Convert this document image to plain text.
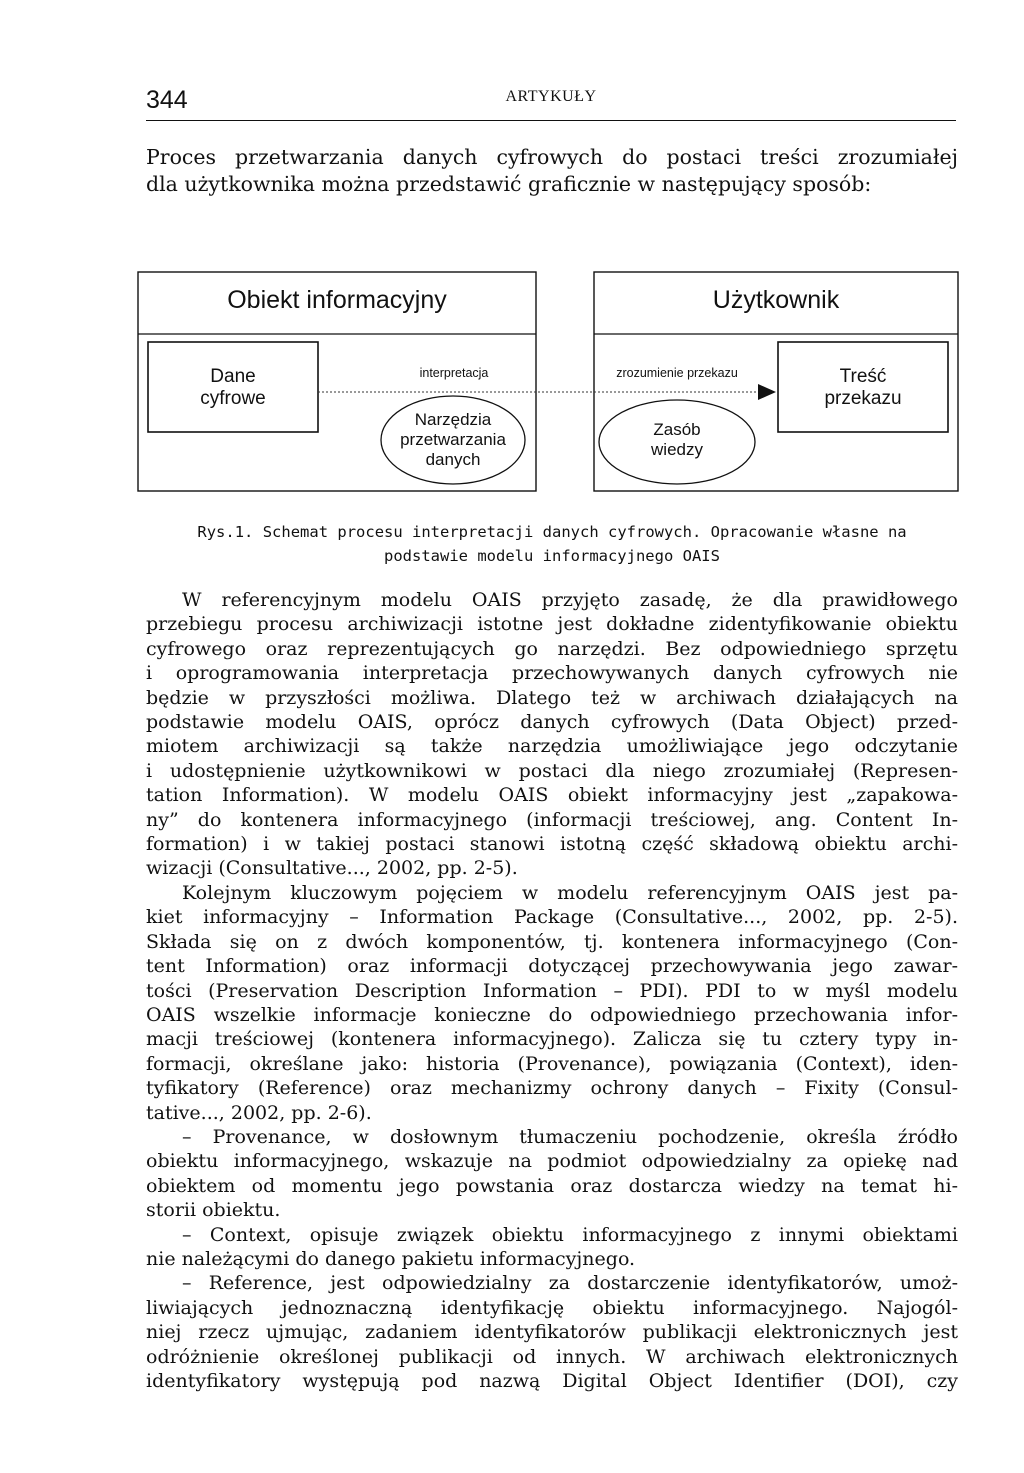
344	ARTYKUŁY
Proces przetwarzania danych cyfrowych do postaci treści zrozumiałej
dla użytkownika można przedstawić graficznie w następujący sposób:
Obiekt informacyjny	Użytkownik
Dane
cyfrowe
interpretacja
Narzędzia
przetwarzania
danych
zrozumienie przekazu
Zasób
wiedzy
Treść
przekazu
Rys.1. Schemat procesu interpretacji danych cyfrowych. Opracowanie własne na
podstawie modelu informacyjnego OAIS
W referencyjnym modelu OAIS przyjęto zasadę, że dla prawidłowego
przebiegu procesu archiwizacji istotne jest dokładne zidentyfikowanie obiektu
cyfrowego oraz reprezentujących go narzędzi. Bez odpowiedniego sprzętu
i oprogramowania interpretacja przechowywanych danych cyfrowych nie
będzie w przyszłości możliwa. Dlatego też w archiwach działających na
podstawie modelu OAIS, oprócz danych cyfrowych (Data Object) przed-
miotem archiwizacji są także narzędzia umożliwiające jego odczytanie
i udostępnienie użytkownikowi w postaci dla niego zrozumiałej (Represen-
tation Information). W modelu OAIS obiekt informacyjny jest „zapakowa-
ny” do kontenera informacyjnego (informacji treściowej, ang. Content In-
formation) i w takiej postaci stanowi istotną część składową obiektu archi-
wizacji (Consultative..., 2002, pp. 2-5).
Kolejnym kluczowym pojęciem w modelu referencyjnym OAIS jest pa-
kiet informacyjny – Information Package (Consultative..., 2002, pp. 2-5).
Składa się on z dwóch komponentów, tj. kontenera informacyjnego (Con-
tent Information) oraz informacji dotyczącej przechowywania jego zawar-
tości (Preservation Description Information – PDI). PDI to w myśl modelu
OAIS wszelkie informacje konieczne do odpowiedniego przechowania infor-
macji treściowej (kontenera informacyjnego). Zalicza się tu cztery typy in-
formacji, określane jako: historia (Provenance), powiązania (Context), iden-
tyfikatory (Reference) oraz mechanizmy ochrony danych – Fixity (Consul-
tative..., 2002, pp. 2-6).
– Provenance, w dosłownym tłumaczeniu pochodzenie, określa źródło
obiektu informacyjnego, wskazuje na podmiot odpowiedzialny za opiekę nad
obiektem od momentu jego powstania oraz dostarcza wiedzy na temat hi-
storii obiektu.
– Context, opisuje związek obiektu informacyjnego z innymi obiektami
nie należącymi do danego pakietu informacyjnego.
– Reference, jest odpowiedzialny za dostarczenie identyfikatorów, umoż-
liwiających jednoznaczną identyfikację obiektu informacyjnego. Najogól-
niej rzecz ujmując, zadaniem identyfikatorów publikacji elektronicznych jest
odróżnienie określonej publikacji od innych. W archiwach elektronicznych
identyfikatory występują pod nazwą Digital Object Identifier (DOI), czy
